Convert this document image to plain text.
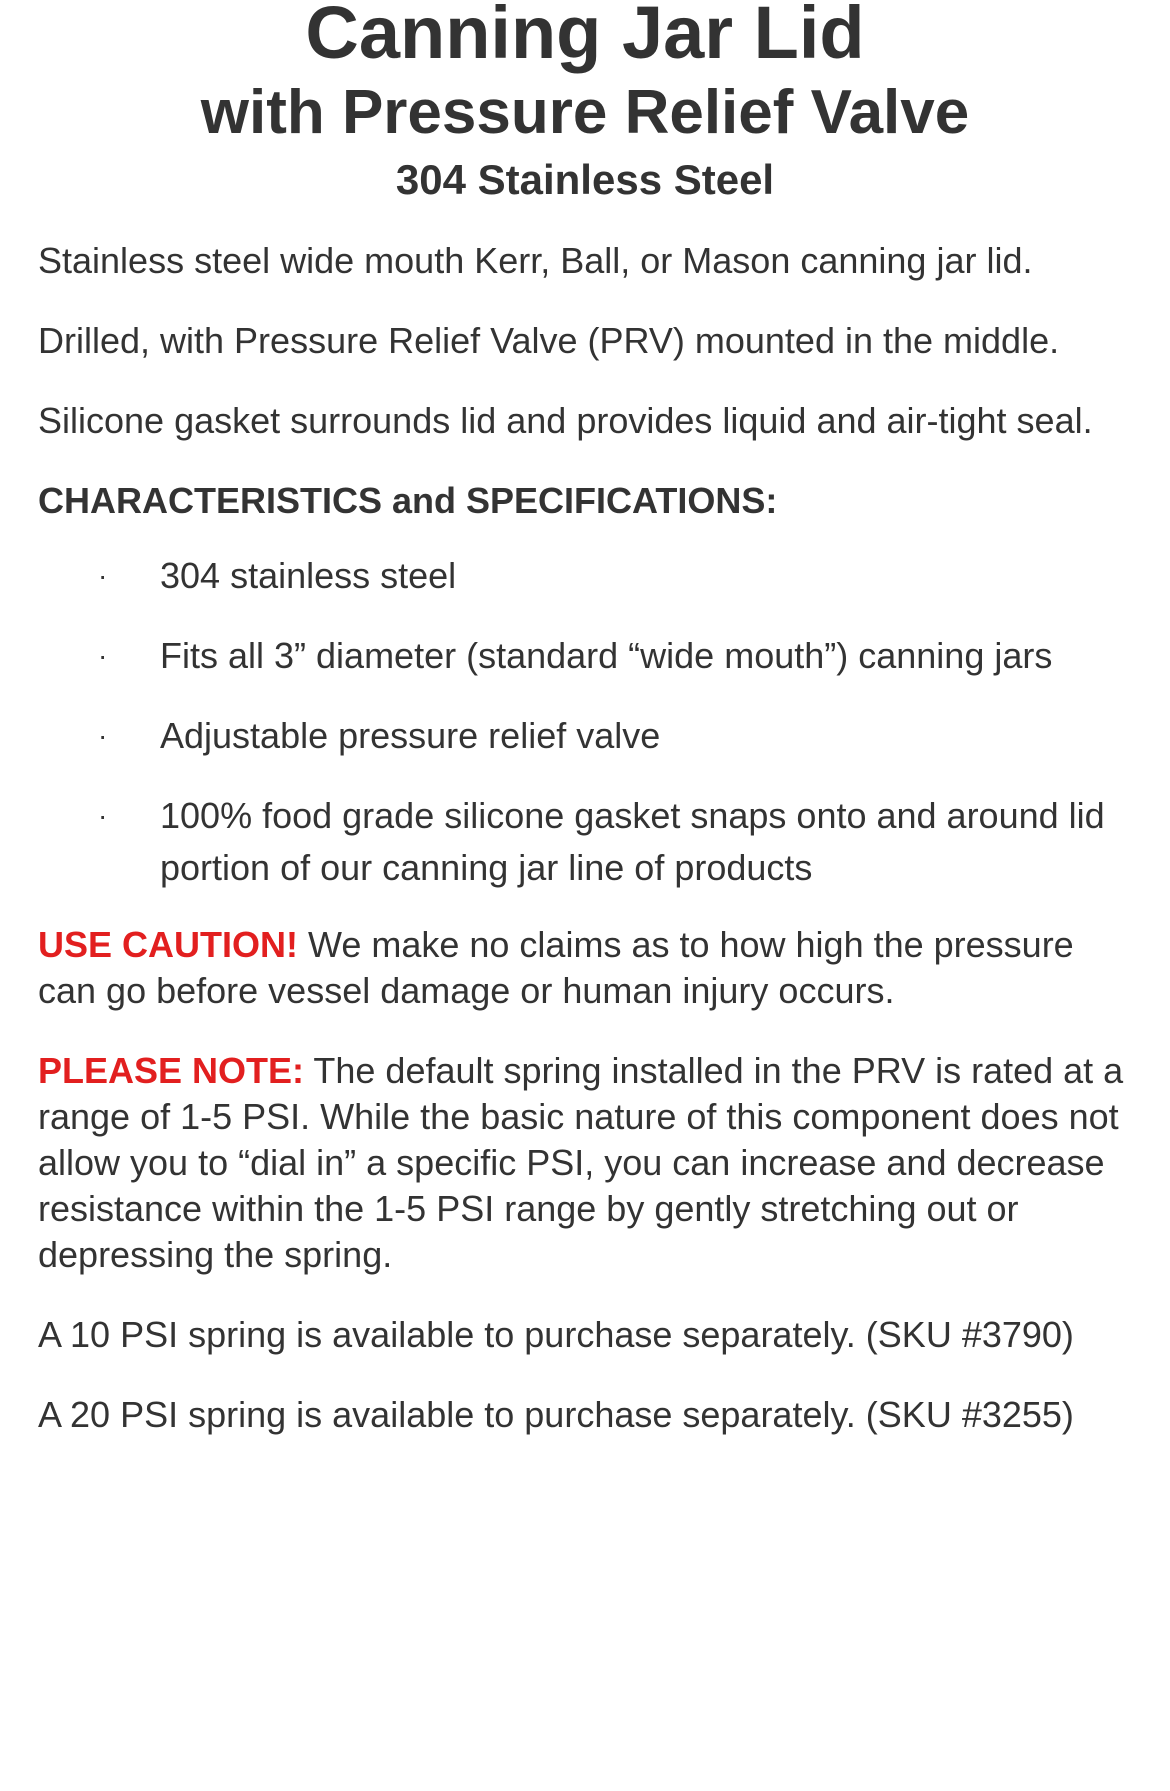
Canning Jar Lid
with Pressure Relief Valve
304 Stainless Steel

Stainless steel wide mouth Kerr, Ball, or Mason canning jar lid.

Drilled, with Pressure Relief Valve (PRV) mounted in the middle.

Silicone gasket surrounds lid and provides liquid and air-tight seal.

CHARACTERISTICS and SPECIFICATIONS:
· 304 stainless steel
· Fits all 3” diameter (standard “wide mouth”) canning jars
· Adjustable pressure relief valve
· 100% food grade silicone gasket snaps onto and around lid portion of our canning jar line of products

USE CAUTION! We make no claims as to how high the pressure can go before vessel damage or human injury occurs.

PLEASE NOTE: The default spring installed in the PRV is rated at a range of 1-5 PSI. While the basic nature of this component does not allow you to “dial in” a specific PSI, you can increase and decrease resistance within the 1-5 PSI range by gently stretching out or depressing the spring.

A 10 PSI spring is available to purchase separately. (SKU #3790)

A 20 PSI spring is available to purchase separately. (SKU #3255)
